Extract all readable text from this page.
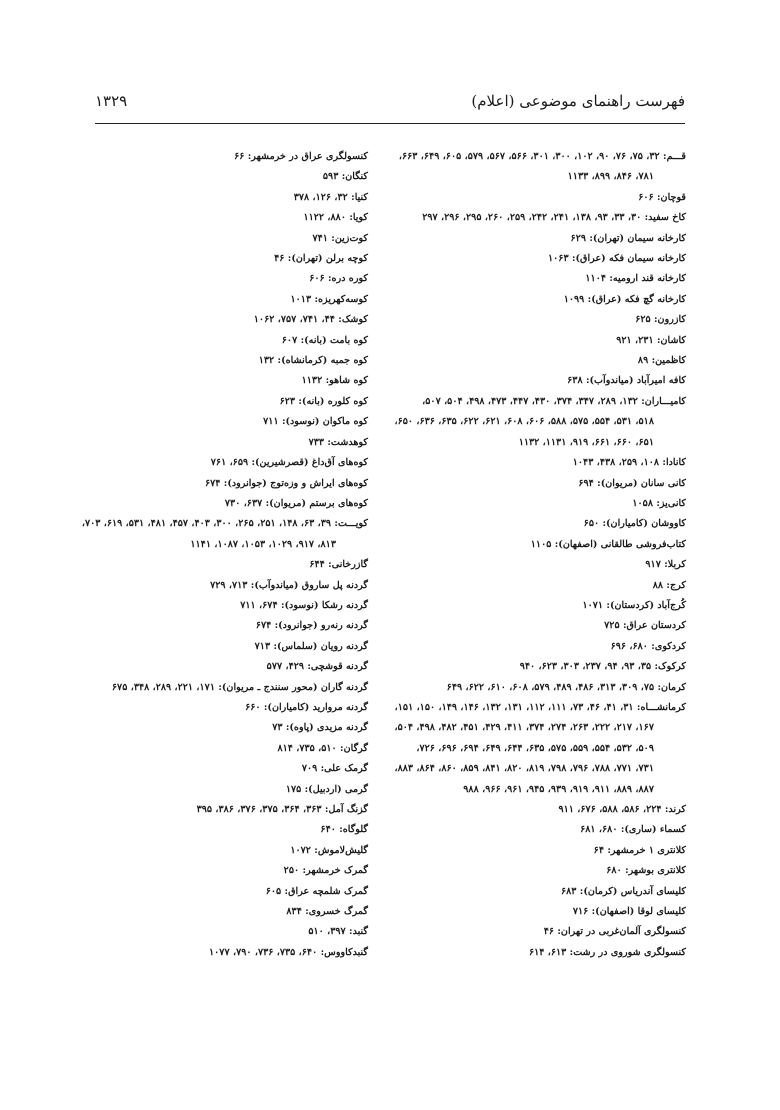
فهرست راهنمای موضوعی (اعلام)
۱۳۲۹
قـــم: ۳۲، ۷۵، ۷۶، ۹۰، ۱۰۲، ۳۰۰، ۳۰۱، ۵۶۶، ۵۶۷، ۵۷۹، ۶۰۵، ۶۴۹، ۶۶۳،
۷۸۱، ۸۴۶، ۸۹۹، ۱۱۳۳
قوچان: ۶۰۶
کاخ سفید: ۳۰، ۳۳، ۹۳، ۱۳۸، ۲۴۱، ۲۴۲، ۲۵۹، ۲۶۰، ۲۹۵، ۲۹۶، ۲۹۷
کارخانه سیمان (تهران): ۶۲۹
کارخانه سیمان فکه (عراق): ۱۰۶۳
کارخانه قند ارومیه: ۱۱۰۴
کارخانه گچ فکه (عراق): ۱۰۹۹
کازرون: ۶۲۵
کاشان: ۲۳۱، ۹۲۱
کاظمین: ۸۹
کافه امیرآباد (میاندوآب): ۶۳۸
کامیـــاران: ۱۳۲، ۲۸۹، ۳۴۷، ۳۷۴، ۴۳۰، ۴۴۷، ۴۷۳، ۴۹۸، ۵۰۴، ۵۰۷،
۵۱۸، ۵۳۱، ۵۵۴، ۵۷۵، ۵۸۸، ۶۰۶، ۶۰۸، ۶۲۱، ۶۲۲، ۶۳۵، ۶۳۶، ۶۵۰،
۶۵۱، ۶۶۰، ۶۶۱، ۹۱۹، ۱۱۳۱، ۱۱۳۲
کانادا: ۱۰۸، ۲۵۹، ۴۳۸، ۱۰۴۳
کانی سانان (مریوان): ۶۹۴
کانی‌یز: ۱۰۵۸
کاووشان (کامیاران): ۶۵۰
کتاب‌فروشی طالقانی (اصفهان): ۱۱۰۵
کربلا: ۹۱۷
کرج: ۸۸
کُرج‌آباد (کردستان): ۱۰۷۱
کردستان عراق: ۷۲۵
کردکوی: ۶۸۰، ۶۹۶
کرکوک: ۳۵، ۹۳، ۹۴، ۲۳۷، ۳۰۳، ۶۲۳، ۹۴۰
کرمان: ۷۵، ۳۰۹، ۳۱۳، ۴۸۶، ۴۸۹، ۵۷۹، ۶۰۸، ۶۱۰، ۶۲۲، ۶۴۹
کرمانشـــاه: ۳۱، ۴۱، ۴۶، ۷۳، ۱۱۱، ۱۱۲، ۱۳۱، ۱۳۲، ۱۴۶، ۱۴۹، ۱۵۰، ۱۵۱،
۱۶۷، ۲۱۷، ۲۲۲، ۲۶۳، ۲۷۴، ۳۷۴، ۴۱۱، ۴۲۹، ۴۵۱، ۴۸۲، ۴۹۸، ۵۰۴،
۵۰۹، ۵۳۲، ۵۵۴، ۵۵۹، ۵۷۵، ۶۳۵، ۶۴۴، ۶۴۹، ۶۹۴، ۶۹۶، ۷۲۶،
۷۳۱، ۷۷۱، ۷۸۸، ۷۹۶، ۷۹۸، ۸۱۹، ۸۲۰، ۸۴۱، ۸۵۹، ۸۶۰، ۸۶۴، ۸۸۳،
۸۸۷، ۸۸۹، ۹۱۱، ۹۱۹، ۹۳۹، ۹۴۵، ۹۶۱، ۹۶۶، ۹۸۸
کرند: ۲۲۴، ۵۸۶، ۵۸۸، ۶۷۶، ۹۱۱
کسماء (ساری): ۶۸۰، ۶۸۱
کلانتری ۱ خرمشهر: ۶۴
کلانتری بوشهر: ۶۸۰
کلیسای آندریاس (کرمان): ۶۸۳
کلیسای لوقا (اصفهان): ۷۱۶
کنسولگری آلمان‌غربی در تهران: ۴۶
کنسولگری شوروی در رشت: ۶۱۳، ۶۱۴
کنسولگری عراق در خرمشهر: ۶۶
کنگان: ۵۹۳
کنیا: ۳۲، ۱۲۶، ۳۷۸
کویا: ۸۸۰، ۱۱۲۲
کوت‌زین: ۷۴۱
کوچه برلن (تهران): ۴۶
کوره دره: ۶۰۶
کوسه‌کهریزه: ۱۰۱۳
کوشک: ۴۴، ۷۴۱، ۷۵۷، ۱۰۶۲
کوه بامت (بانه): ۶۰۷
کوه جمبه (کرمانشاه): ۱۳۲
کوه شاهو: ۱۱۳۲
کوه کلوره (بانه): ۶۲۳
کوه ماکوان (نوسود): ۷۱۱
کوهدشت: ۷۳۳
کوه‌های آق‌داغ (قصرشیرین): ۶۵۹، ۷۶۱
کوه‌های ایراش و وزه‌توج (جوانرود): ۶۷۴
کوه‌های برستم (مریوان): ۶۳۷، ۷۳۰
کویـــت: ۳۹، ۶۳، ۱۴۸، ۲۵۱، ۲۶۵، ۳۰۰، ۴۰۳، ۴۵۷، ۴۸۱، ۵۳۱، ۶۱۹، ۷۰۳،
۸۱۳، ۹۱۷، ۱۰۲۹، ۱۰۵۳، ۱۰۸۷، ۱۱۴۱
گازرخانی: ۶۴۴
گردنه پل ساروق (میاندوآب): ۷۱۳، ۷۲۹
گردنه رشکا (نوسود): ۶۷۴، ۷۱۱
گردنه رنه‌رو (جوانرود): ۶۷۴
گردنه رویان (سلماس): ۷۱۳
گردنه قوشچی: ۴۲۹، ۵۷۷
گردنه گاران (محور سنندج ـ مریوان): ۱۷۱، ۲۲۱، ۲۸۹، ۳۴۸، ۶۷۵
گردنه مروارید (کامیاران): ۶۶۰
گردنه مزیدی (پاوه): ۷۳
گرگان: ۵۱۰، ۷۳۵، ۸۱۴
گرمک علی: ۷۰۹
گرمی (اردبیل): ۱۷۵
گزنگ آمل: ۳۶۳، ۳۶۴، ۳۷۵، ۳۷۶، ۳۸۶، ۳۹۵
گلوگاه: ۶۴۰
گلیش‌لاموش: ۱۰۷۲
گمرک خرمشهر: ۲۵۰
گمرک شلمچه عراق: ۶۰۵
گمرگ خسروی: ۸۳۴
گنبد: ۳۹۷، ۵۱۰
گنبدکاووس: ۶۴۰، ۷۳۵، ۷۳۶، ۷۹۰، ۱۰۷۷
